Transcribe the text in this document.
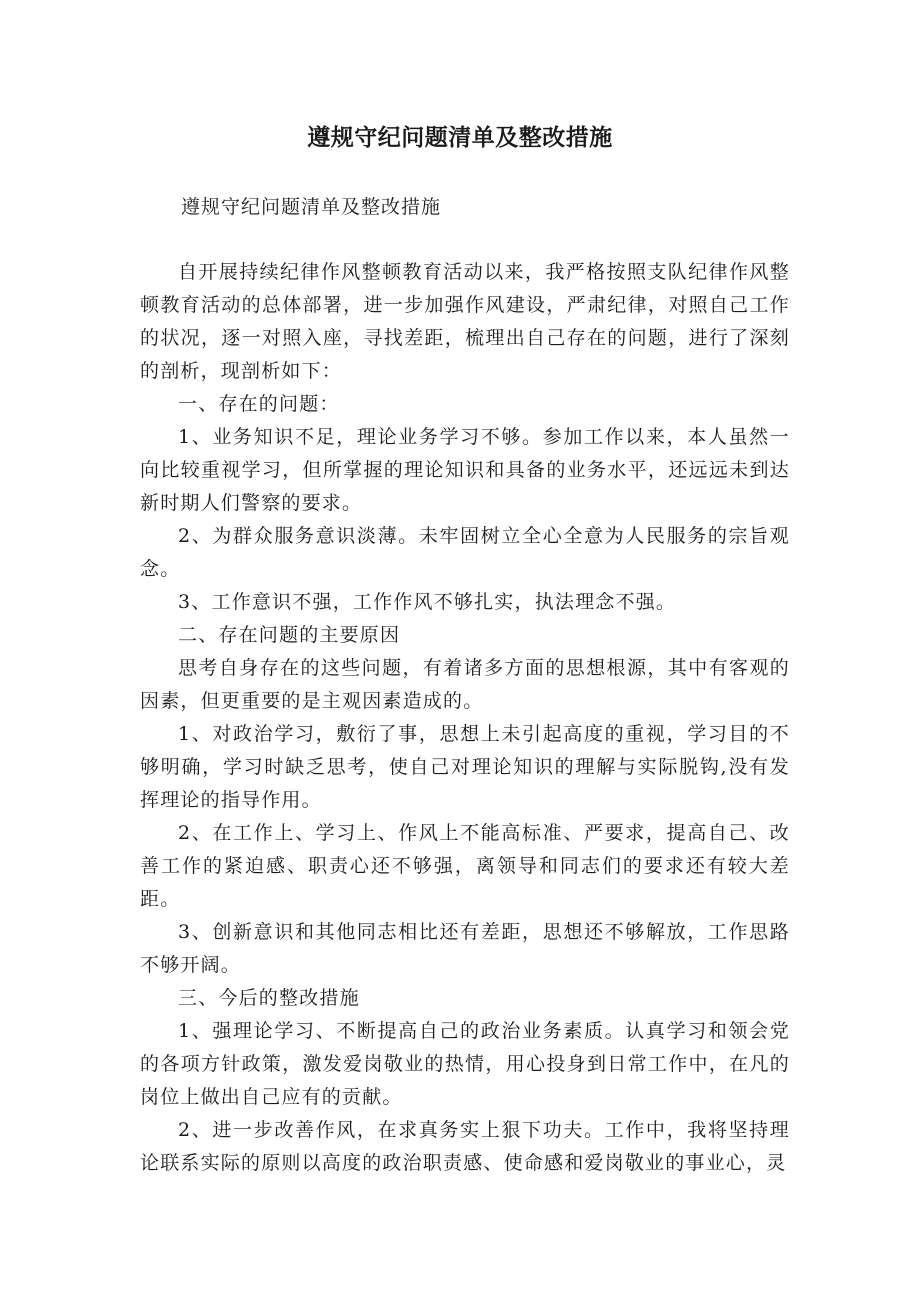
遵规守纪问题清单及整改措施

遵规守纪问题清单及整改措施

自开展持续纪律作风整顿教育活动以来，我严格按照支队纪律作风整顿教育活动的总体部署，进一步加强作风建设，严肃纪律，对照自己工作的状况，逐一对照入座，寻找差距，梳理出自己存在的问题，进行了深刻的剖析，现剖析如下：

一、存在的问题：

1、业务知识不足，理论业务学习不够。参加工作以来，本人虽然一向比较重视学习，但所掌握的理论知识和具备的业务水平，还远远未到达新时期人们警察的要求。

2、为群众服务意识淡薄。未牢固树立全心全意为人民服务的宗旨观念。

3、工作意识不强，工作作风不够扎实，执法理念不强。

二、存在问题的主要原因

思考自身存在的这些问题，有着诸多方面的思想根源，其中有客观的因素，但更重要的是主观因素造成的。

1、对政治学习，敷衍了事，思想上未引起高度的重视，学习目的不够明确，学习时缺乏思考，使自己对理论知识的理解与实际脱钩,没有发挥理论的指导作用。

2、在工作上、学习上、作风上不能高标准、严要求，提高自己、改善工作的紧迫感、职责心还不够强，离领导和同志们的要求还有较大差距。

3、创新意识和其他同志相比还有差距，思想还不够解放，工作思路不够开阔。

三、今后的整改措施

1、强理论学习、不断提高自己的政治业务素质。认真学习和领会党的各项方针政策，激发爱岗敬业的热情，用心投身到日常工作中，在凡的岗位上做出自己应有的贡献。

2、进一步改善作风，在求真务实上狠下功夫。工作中，我将坚持理论联系实际的原则以高度的政治职责感、使命感和爱岗敬业的事业心，灵
